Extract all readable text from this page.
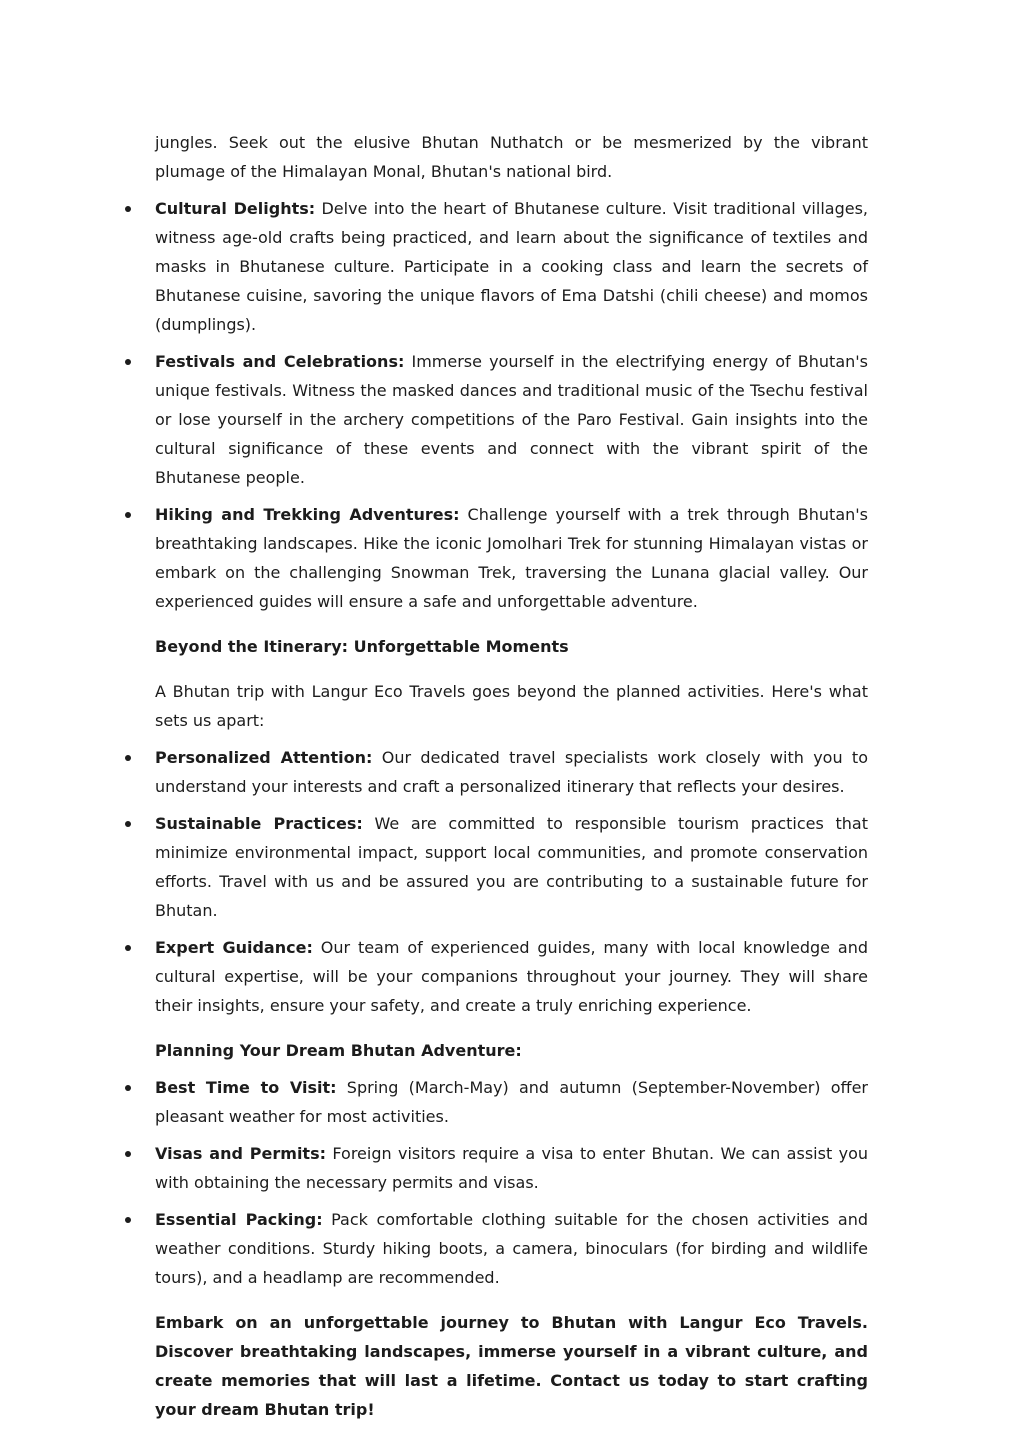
jungles. Seek out the elusive Bhutan Nuthatch or be mesmerized by the vibrant plumage of the Himalayan Monal, Bhutan's national bird.

Cultural Delights: Delve into the heart of Bhutanese culture. Visit traditional villages, witness age-old crafts being practiced, and learn about the significance of textiles and masks in Bhutanese culture. Participate in a cooking class and learn the secrets of Bhutanese cuisine, savoring the unique flavors of Ema Datshi (chili cheese) and momos (dumplings).
Festivals and Celebrations: Immerse yourself in the electrifying energy of Bhutan's unique festivals. Witness the masked dances and traditional music of the Tsechu festival or lose yourself in the archery competitions of the Paro Festival. Gain insights into the cultural significance of these events and connect with the vibrant spirit of the Bhutanese people.
Hiking and Trekking Adventures: Challenge yourself with a trek through Bhutan's breathtaking landscapes. Hike the iconic Jomolhari Trek for stunning Himalayan vistas or embark on the challenging Snowman Trek, traversing the Lunana glacial valley. Our experienced guides will ensure a safe and unforgettable adventure.

Beyond the Itinerary: Unforgettable Moments

A Bhutan trip with Langur Eco Travels goes beyond the planned activities. Here's what sets us apart:

Personalized Attention: Our dedicated travel specialists work closely with you to understand your interests and craft a personalized itinerary that reflects your desires.
Sustainable Practices: We are committed to responsible tourism practices that minimize environmental impact, support local communities, and promote conservation efforts. Travel with us and be assured you are contributing to a sustainable future for Bhutan.
Expert Guidance: Our team of experienced guides, many with local knowledge and cultural expertise, will be your companions throughout your journey. They will share their insights, ensure your safety, and create a truly enriching experience.

Planning Your Dream Bhutan Adventure:

Best Time to Visit: Spring (March-May) and autumn (September-November) offer pleasant weather for most activities.
Visas and Permits: Foreign visitors require a visa to enter Bhutan. We can assist you with obtaining the necessary permits and visas.
Essential Packing: Pack comfortable clothing suitable for the chosen activities and weather conditions. Sturdy hiking boots, a camera, binoculars (for birding and wildlife tours), and a headlamp are recommended.

Embark on an unforgettable journey to Bhutan with Langur Eco Travels. Discover breathtaking landscapes, immerse yourself in a vibrant culture, and create memories that will last a lifetime. Contact us today to start crafting your dream Bhutan trip!
